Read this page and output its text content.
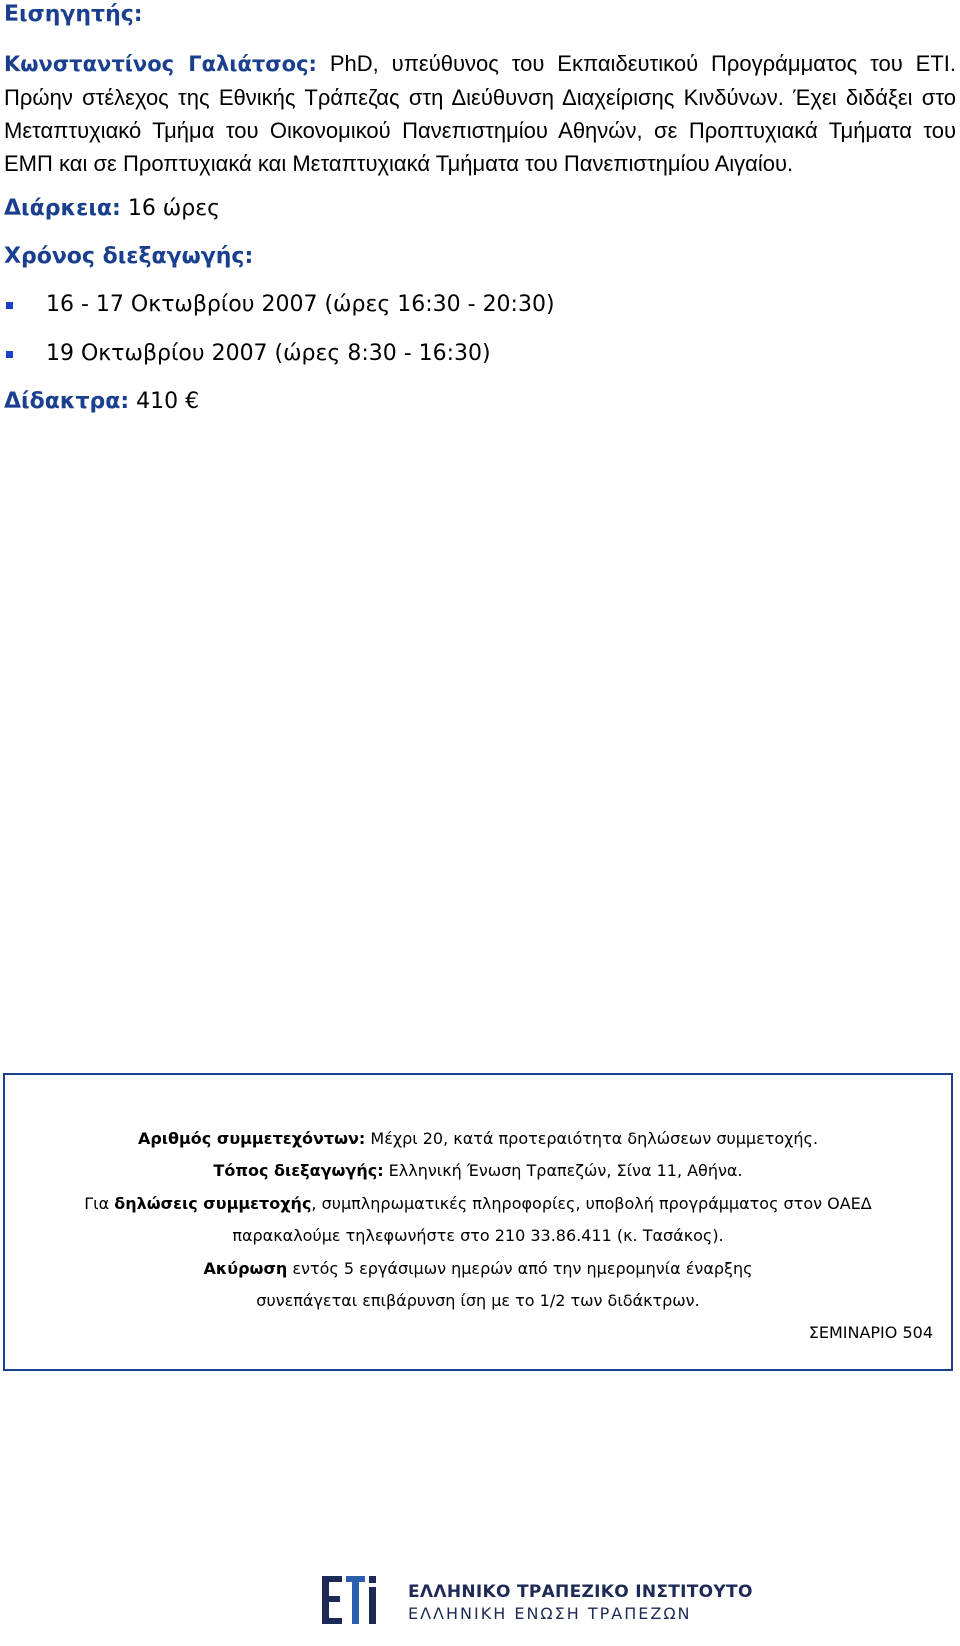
Εισηγητής:
Κωνσταντίνος Γαλιάτσος: PhD, υπεύθυνος του Εκπαιδευτικού Προγράμματος του ΕΤΙ. Πρώην στέλεχος της Εθνικής Τράπεζας στη Διεύθυνση Διαχείρισης Κινδύνων. Έχει διδάξει στο Μεταπτυχιακό Τμήμα του Οικονομικού Πανεπιστημίου Αθηνών, σε Προπτυχιακά Τμήματα του ΕΜΠ και σε Προπτυχιακά και Μεταπτυχιακά Τμήματα του Πανεπιστημίου Αιγαίου.
Διάρκεια: 16 ώρες
Χρόνος διεξαγωγής:
16 - 17 Οκτωβρίου 2007 (ώρες 16:30 - 20:30)
19 Οκτωβρίου 2007 (ώρες 8:30 - 16:30)
Δίδακτρα: 410 €
Αριθμός συμμετεχόντων: Μέχρι 20, κατά προτεραιότητα δηλώσεων συμμετοχής.
Τόπος διεξαγωγής: Ελληνική Ένωση Τραπεζών, Σίνα 11, Αθήνα.
Για δηλώσεις συμμετοχής, συμπληρωματικές πληροφορίες, υποβολή προγράμματος στον ΟΑΕΔ
παρακαλούμε τηλεφωνήστε στο 210 33.86.411 (κ. Τασάκος).
Ακύρωση εντός 5 εργάσιμων ημερών από την ημερομηνία έναρξης
συνεπάγεται επιβάρυνση ίση με το 1/2 των διδάκτρων.
ΣΕΜΙΝΑΡΙΟ 504
ΕΛΛΗΝΙΚΟ ΤΡΑΠΕΖΙΚΟ ΙΝΣΤΙΤΟΥΤΟ
ΕΛΛΗΝΙΚΗ ΕΝΩΣΗ ΤΡΑΠΕΖΩΝ
